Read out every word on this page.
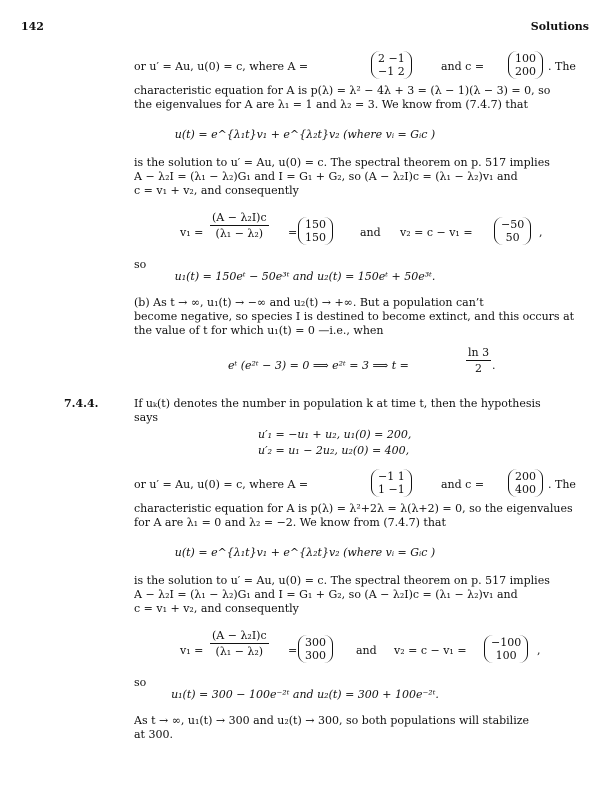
142	Solutions
or u′ = Au, u(0) = c, where A =
2 −1
−1 2	and c =
100
200 . The
characteristic equation for A is p(λ) = λ² − 4λ + 3 = (λ − 1)(λ − 3) = 0, so
the eigenvalues for A are λ₁ = 1 and λ₂ = 3. We know from (7.4.7) that
u(t) = e^{λ₁t}v₁ + e^{λ₂t}v₂ (where vᵢ = Gᵢc )
is the solution to u′ = Au, u(0) = c. The spectral theorem on p. 517 implies
A − λ₂I = (λ₁ − λ₂)G₁ and I = G₁ + G₂, so (A − λ₂I)c = (λ₁ − λ₂)v₁ and
c = v₁ + v₂, and consequently
$v_1 = \frac{\text{(A − λ₂I)c}}{\text{(λ₁ − λ₂)}}$ =
150
150	and v₂ = c − v₁ =
−50
50	,
so
u₁(t) = 150eᵗ − 50e³ᵗ and u₂(t) = 150eᵗ + 50e³ᵗ.
(b) As t → ∞, u₁(t) → −∞ and u₂(t) → +∞. But a population can’t
become negative, so species I is destined to become extinct, and this occurs at
the value of t for which u₁(t) = 0 —i.e., when
eᵗ (e²ᵗ − 3) = 0 ⟹ e²ᵗ = 3 ⟹ t =	$\frac{\ln 3}{2}$ .
7.4.4.	If uₖ(t) denotes the number in population k at time t, then the hypothesis
says
u′₁ = −u₁ + u₂, u₁(0) = 200,
u′₂ = u₁ − 2u₂, u₂(0) = 400,
or u′ = Au, u(0) = c, where A =
−1 1
1 −1	and c =
200
400 . The
characteristic equation for A is p(λ) = λ²+2λ = λ(λ+2) = 0, so the eigenvalues
for A are λ₁ = 0 and λ₂ = −2. We know from (7.4.7) that
u(t) = e^{λ₁t}v₁ + e^{λ₂t}v₂ (where vᵢ = Gᵢc )
is the solution to u′ = Au, u(0) = c. The spectral theorem on p. 517 implies
A − λ₂I = (λ₁ − λ₂)G₁ and I = G₁ + G₂, so (A − λ₂I)c = (λ₁ − λ₂)v₁ and
c = v₁ + v₂, and consequently
$v_1 = \frac{\text{(A − λ₂I)c}}{\text{(λ₁ − λ₂)}}$ =
300
300	and v₂ = c − v₁ =
−100
100	,
so
u₁(t) = 300 − 100e⁻²ᵗ and u₂(t) = 300 + 100e⁻²ᵗ.
As t → ∞, u₁(t) → 300 and u₂(t) → 300, so both populations will stabilize
at 300.
